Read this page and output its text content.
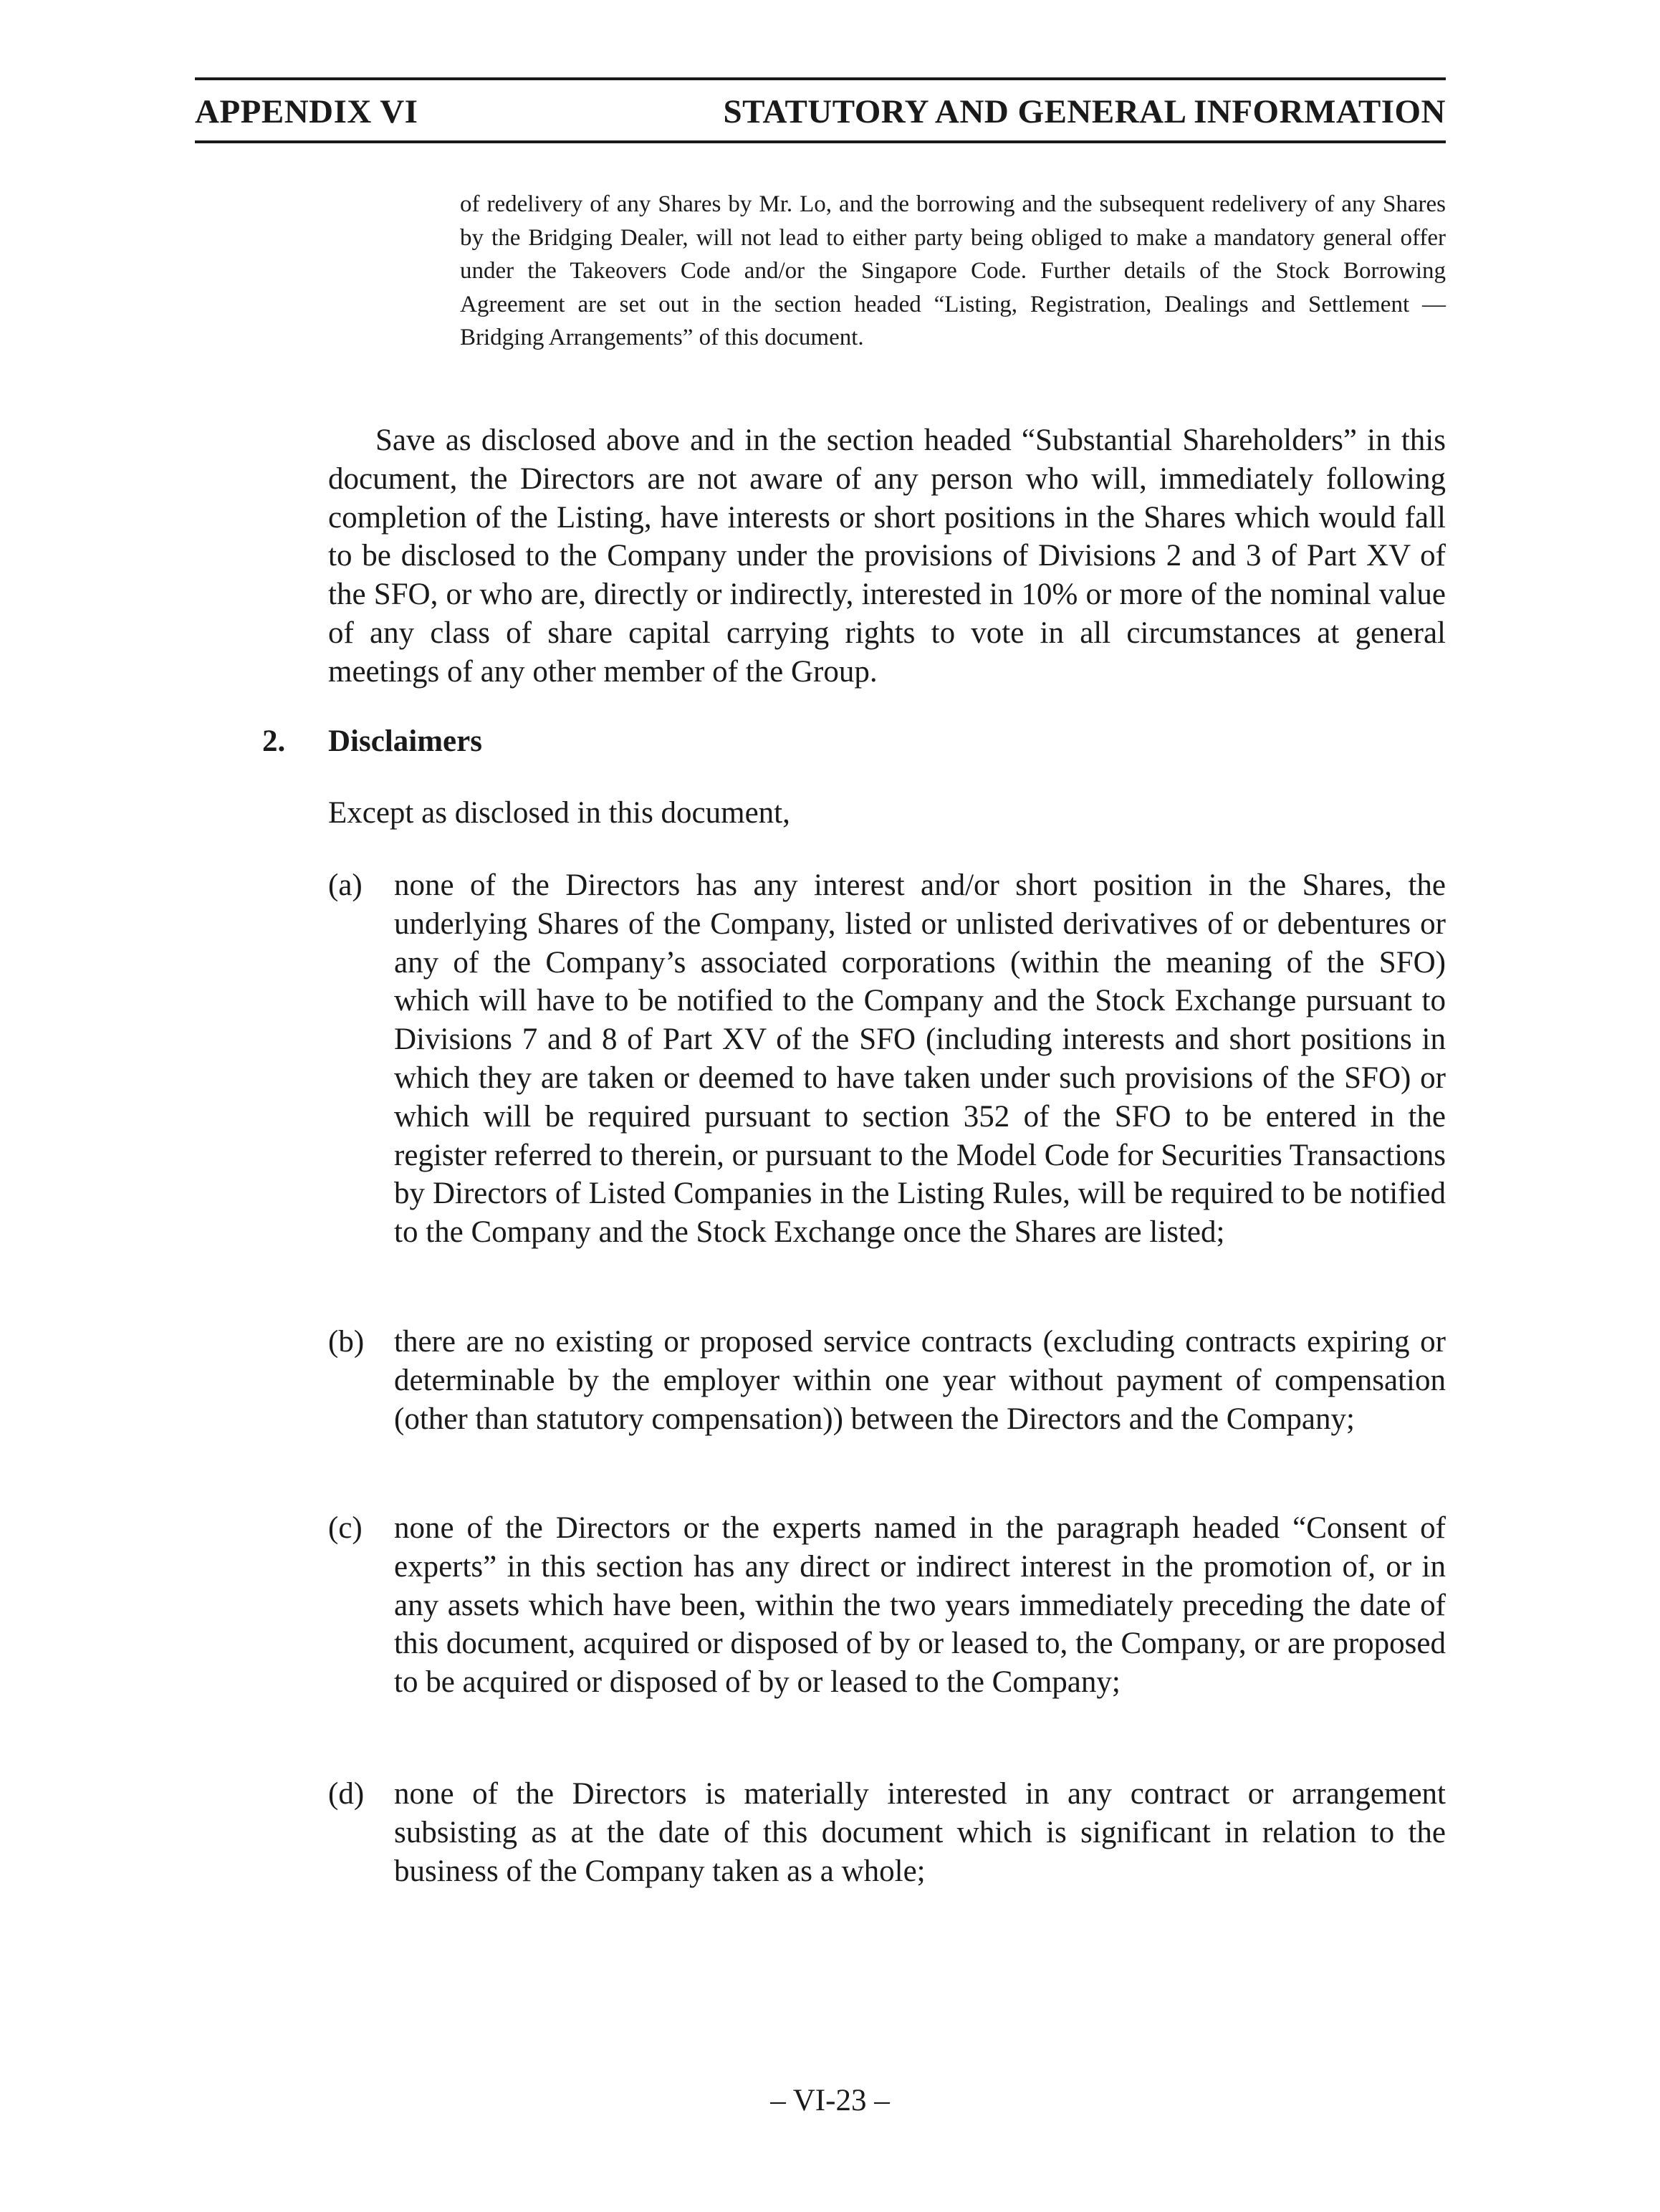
APPENDIX VI	STATUTORY AND GENERAL INFORMATION

of redelivery of any Shares by Mr. Lo, and the borrowing and the subsequent redelivery of any Shares by the Bridging Dealer, will not lead to either party being obliged to make a mandatory general offer under the Takeovers Code and/or the Singapore Code. Further details of the Stock Borrowing Agreement are set out in the section headed “Listing, Registration, Dealings and Settlement — Bridging Arrangements” of this document.

Save as disclosed above and in the section headed “Substantial Shareholders” in this document, the Directors are not aware of any person who will, immediately following completion of the Listing, have interests or short positions in the Shares which would fall to be disclosed to the Company under the provisions of Divisions 2 and 3 of Part XV of the SFO, or who are, directly or indirectly, interested in 10% or more of the nominal value of any class of share capital carrying rights to vote in all circumstances at general meetings of any other member of the Group.

2. Disclaimers

Except as disclosed in this document,

(a) none of the Directors has any interest and/or short position in the Shares, the underlying Shares of the Company, listed or unlisted derivatives of or debentures or any of the Company’s associated corporations (within the meaning of the SFO) which will have to be notified to the Company and the Stock Exchange pursuant to Divisions 7 and 8 of Part XV of the SFO (including interests and short positions in which they are taken or deemed to have taken under such provisions of the SFO) or which will be required pursuant to section 352 of the SFO to be entered in the register referred to therein, or pursuant to the Model Code for Securities Transactions by Directors of Listed Companies in the Listing Rules, will be required to be notified to the Company and the Stock Exchange once the Shares are listed;

(b) there are no existing or proposed service contracts (excluding contracts expiring or determinable by the employer within one year without payment of compensation (other than statutory compensation)) between the Directors and the Company;

(c) none of the Directors or the experts named in the paragraph headed “Consent of experts” in this section has any direct or indirect interest in the promotion of, or in any assets which have been, within the two years immediately preceding the date of this document, acquired or disposed of by or leased to, the Company, or are proposed to be acquired or disposed of by or leased to the Company;

(d) none of the Directors is materially interested in any contract or arrangement subsisting as at the date of this document which is significant in relation to the business of the Company taken as a whole;

– VI-23 –
